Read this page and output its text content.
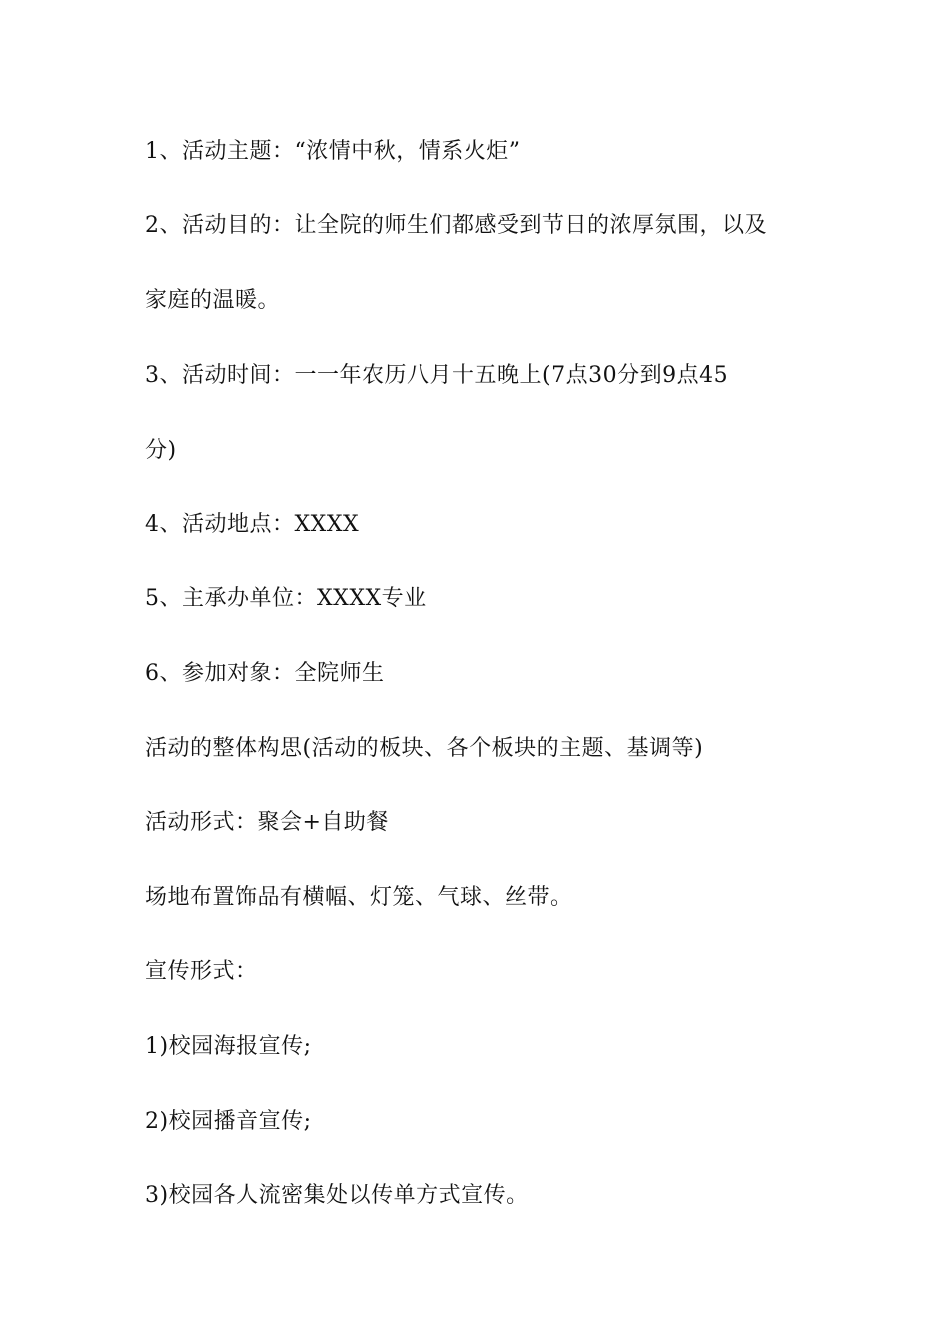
1、活动主题：“浓情中秋，情系火炬”
2、活动目的：让全院的师生们都感受到节日的浓厚氛围，以及
家庭的温暖。
3、活动时间：一一年农历八月十五晚上(7点30分到9点45
分)
4、活动地点：XXXX
5、主承办单位：XXXX专业
6、参加对象：全院师生
活动的整体构思(活动的板块、各个板块的主题、基调等)
活动形式：聚会+自助餐
场地布置饰品有横幅、灯笼、气球、丝带。
宣传形式：
1)校园海报宣传;
2)校园播音宣传;
3)校园各人流密集处以传单方式宣传。
